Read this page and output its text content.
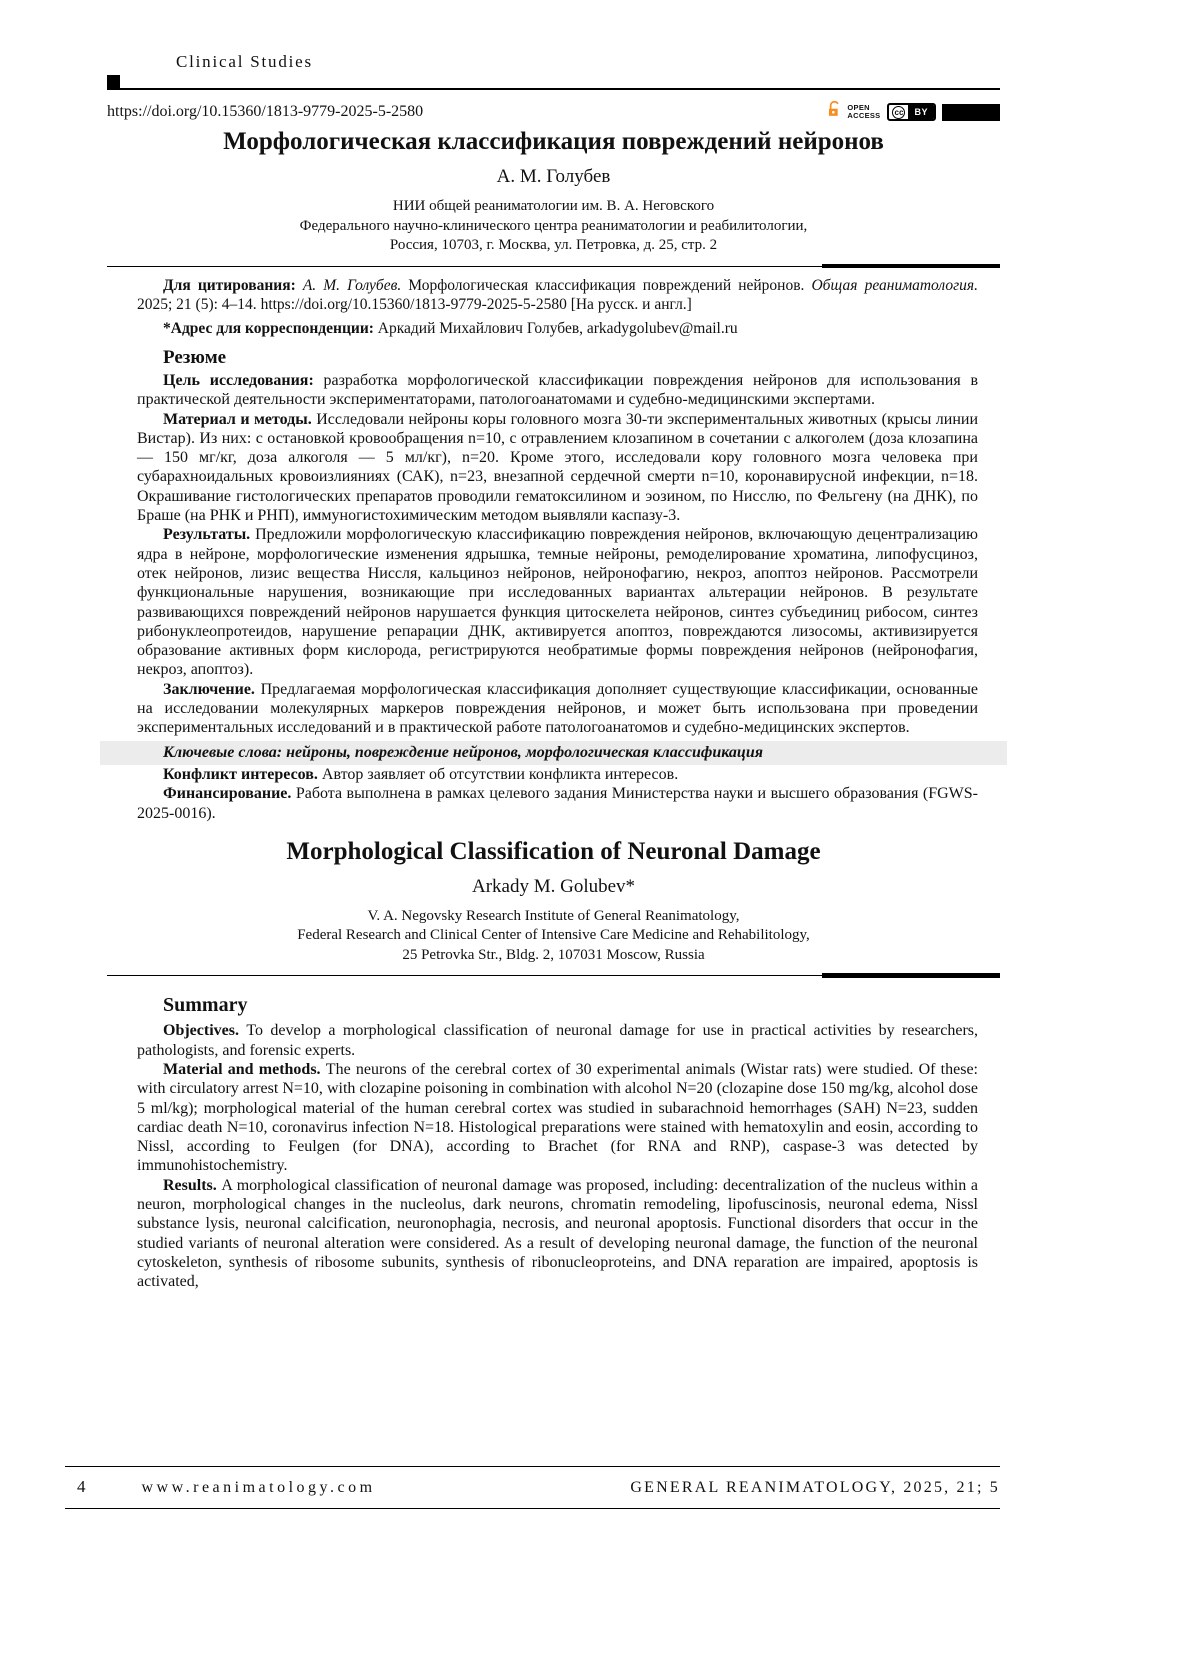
Clinical Studies
https://doi.org/10.15360/1813-9779-2025-5-2580	OPEN
ACCESS cc	BY
Морфологическая классификация повреждений нейронов
А. М. Голубев
НИИ общей реаниматологии им. В. А. Неговского
Федерального научно-клинического центра реаниматологии и реабилитологии,
Россия, 10703, г. Москва, ул. Петровка, д. 25, стр. 2

Для цитирования: А. М. Голубев. Морфологическая классификация повреждений нейронов. Общая реаниматология. 2025; 21 (5): 4–14. https://doi.org/10.15360/1813-9779-2025-5-2580 [На русск. и англ.]

*Адрес для корреспонденции: Аркадий Михайлович Голубев, arkadygolubev@mail.ru

Резюме

Цель исследования: разработка морфологической классификации повреждения нейронов для использования в практической деятельности экспериментаторами, патологоанатомами и судебно-медицинскими экспертами.

Материал и методы. Исследовали нейроны коры головного мозга 30-ти экспериментальных животных (крысы линии Вистар). Из них: с остановкой кровообращения n=10, с отравлением клозапином в сочетании с алкоголем (доза клозапина — 150 мг/кг, доза алкоголя — 5 мл/кг), n=20. Кроме этого, исследовали кору головного мозга человека при субарахноидальных кровоизлияниях (САК), n=23, внезапной сердечной смерти n=10, коронавирусной инфекции, n=18. Окрашивание гистологических препаратов проводили гематоксилином и эозином, по Нисслю, по Фельгену (на ДНК), по Браше (на РНК и РНП), иммуногистохимическим методом выявляли каспазу-3.

Результаты. Предложили морфологическую классификацию повреждения нейронов, включающую децентрализацию ядра в нейроне, морфологические изменения ядрышка, темные нейроны, ремоделирование хроматина, липофусциноз, отек нейронов, лизис вещества Ниссля, кальциноз нейронов, нейронофагию, некроз, апоптоз нейронов. Рассмотрели функциональные нарушения, возникающие при исследованных вариантах альтерации нейронов. В результате развивающихся повреждений нейронов нарушается функция цитоскелета нейронов, синтез субъединиц рибосом, синтез рибонуклеопротеидов, нарушение репарации ДНК, активируется апоптоз, повреждаются лизосомы, активизируется образование активных форм кислорода, регистрируются необратимые формы повреждения нейронов (нейронофагия, некроз, апоптоз).

Заключение. Предлагаемая морфологическая классификация дополняет существующие классификации, основанные на исследовании молекулярных маркеров повреждения нейронов, и может быть использована при проведении экспериментальных исследований и в практической работе патологоанатомов и судебно-медицинских экспертов.

Ключевые слова: нейроны, повреждение нейронов, морфологическая классификация

Конфликт интересов. Автор заявляет об отсутствии конфликта интересов.

Финансирование. Работа выполнена в рамках целевого задания Министерства науки и высшего образования (FGWS-2025-0016).

Morphological Classification of Neuronal Damage
Arkady M. Golubev*
V. A. Negovsky Research Institute of General Reanimatology,
Federal Research and Clinical Center of Intensive Care Medicine and Rehabilitology,
25 Petrovka Str., Bldg. 2, 107031 Moscow, Russia
Summary

Objectives. To develop a morphological classification of neuronal damage for use in practical activities by researchers, pathologists, and forensic experts.

Material and methods. The neurons of the cerebral cortex of 30 experimental animals (Wistar rats) were studied. Of these: with circulatory arrest N=10, with clozapine poisoning in combination with alcohol N=20 (clozapine dose 150 mg/kg, alcohol dose 5 ml/kg); morphological material of the human cerebral cortex was studied in subarachnoid hemorrhages (SAH) N=23, sudden cardiac death N=10, coronavirus infection N=18. Histological preparations were stained with hematoxylin and eosin, according to Nissl, according to Feulgen (for DNA), according to Brachet (for RNA and RNP), caspase-3 was detected by immunohistochemistry.

Results. A morphological classification of neuronal damage was proposed, including: decentralization of the nucleus within a neuron, morphological changes in the nucleolus, dark neurons, chromatin remodeling, lipofuscinosis, neuronal edema, Nissl substance lysis, neuronal calcification, neuronophagia, necrosis, and neuronal apoptosis. Functional disorders that occur in the studied variants of neuronal alteration were considered. As a result of developing neuronal damage, the function of the neuronal cytoskeleton, synthesis of ribosome subunits, synthesis of ribonucleoproteins, and DNA reparation are impaired, apoptosis is activated,

4	www.reanimatology.com	GENERAL REANIMATOLOGY, 2025, 21; 5
